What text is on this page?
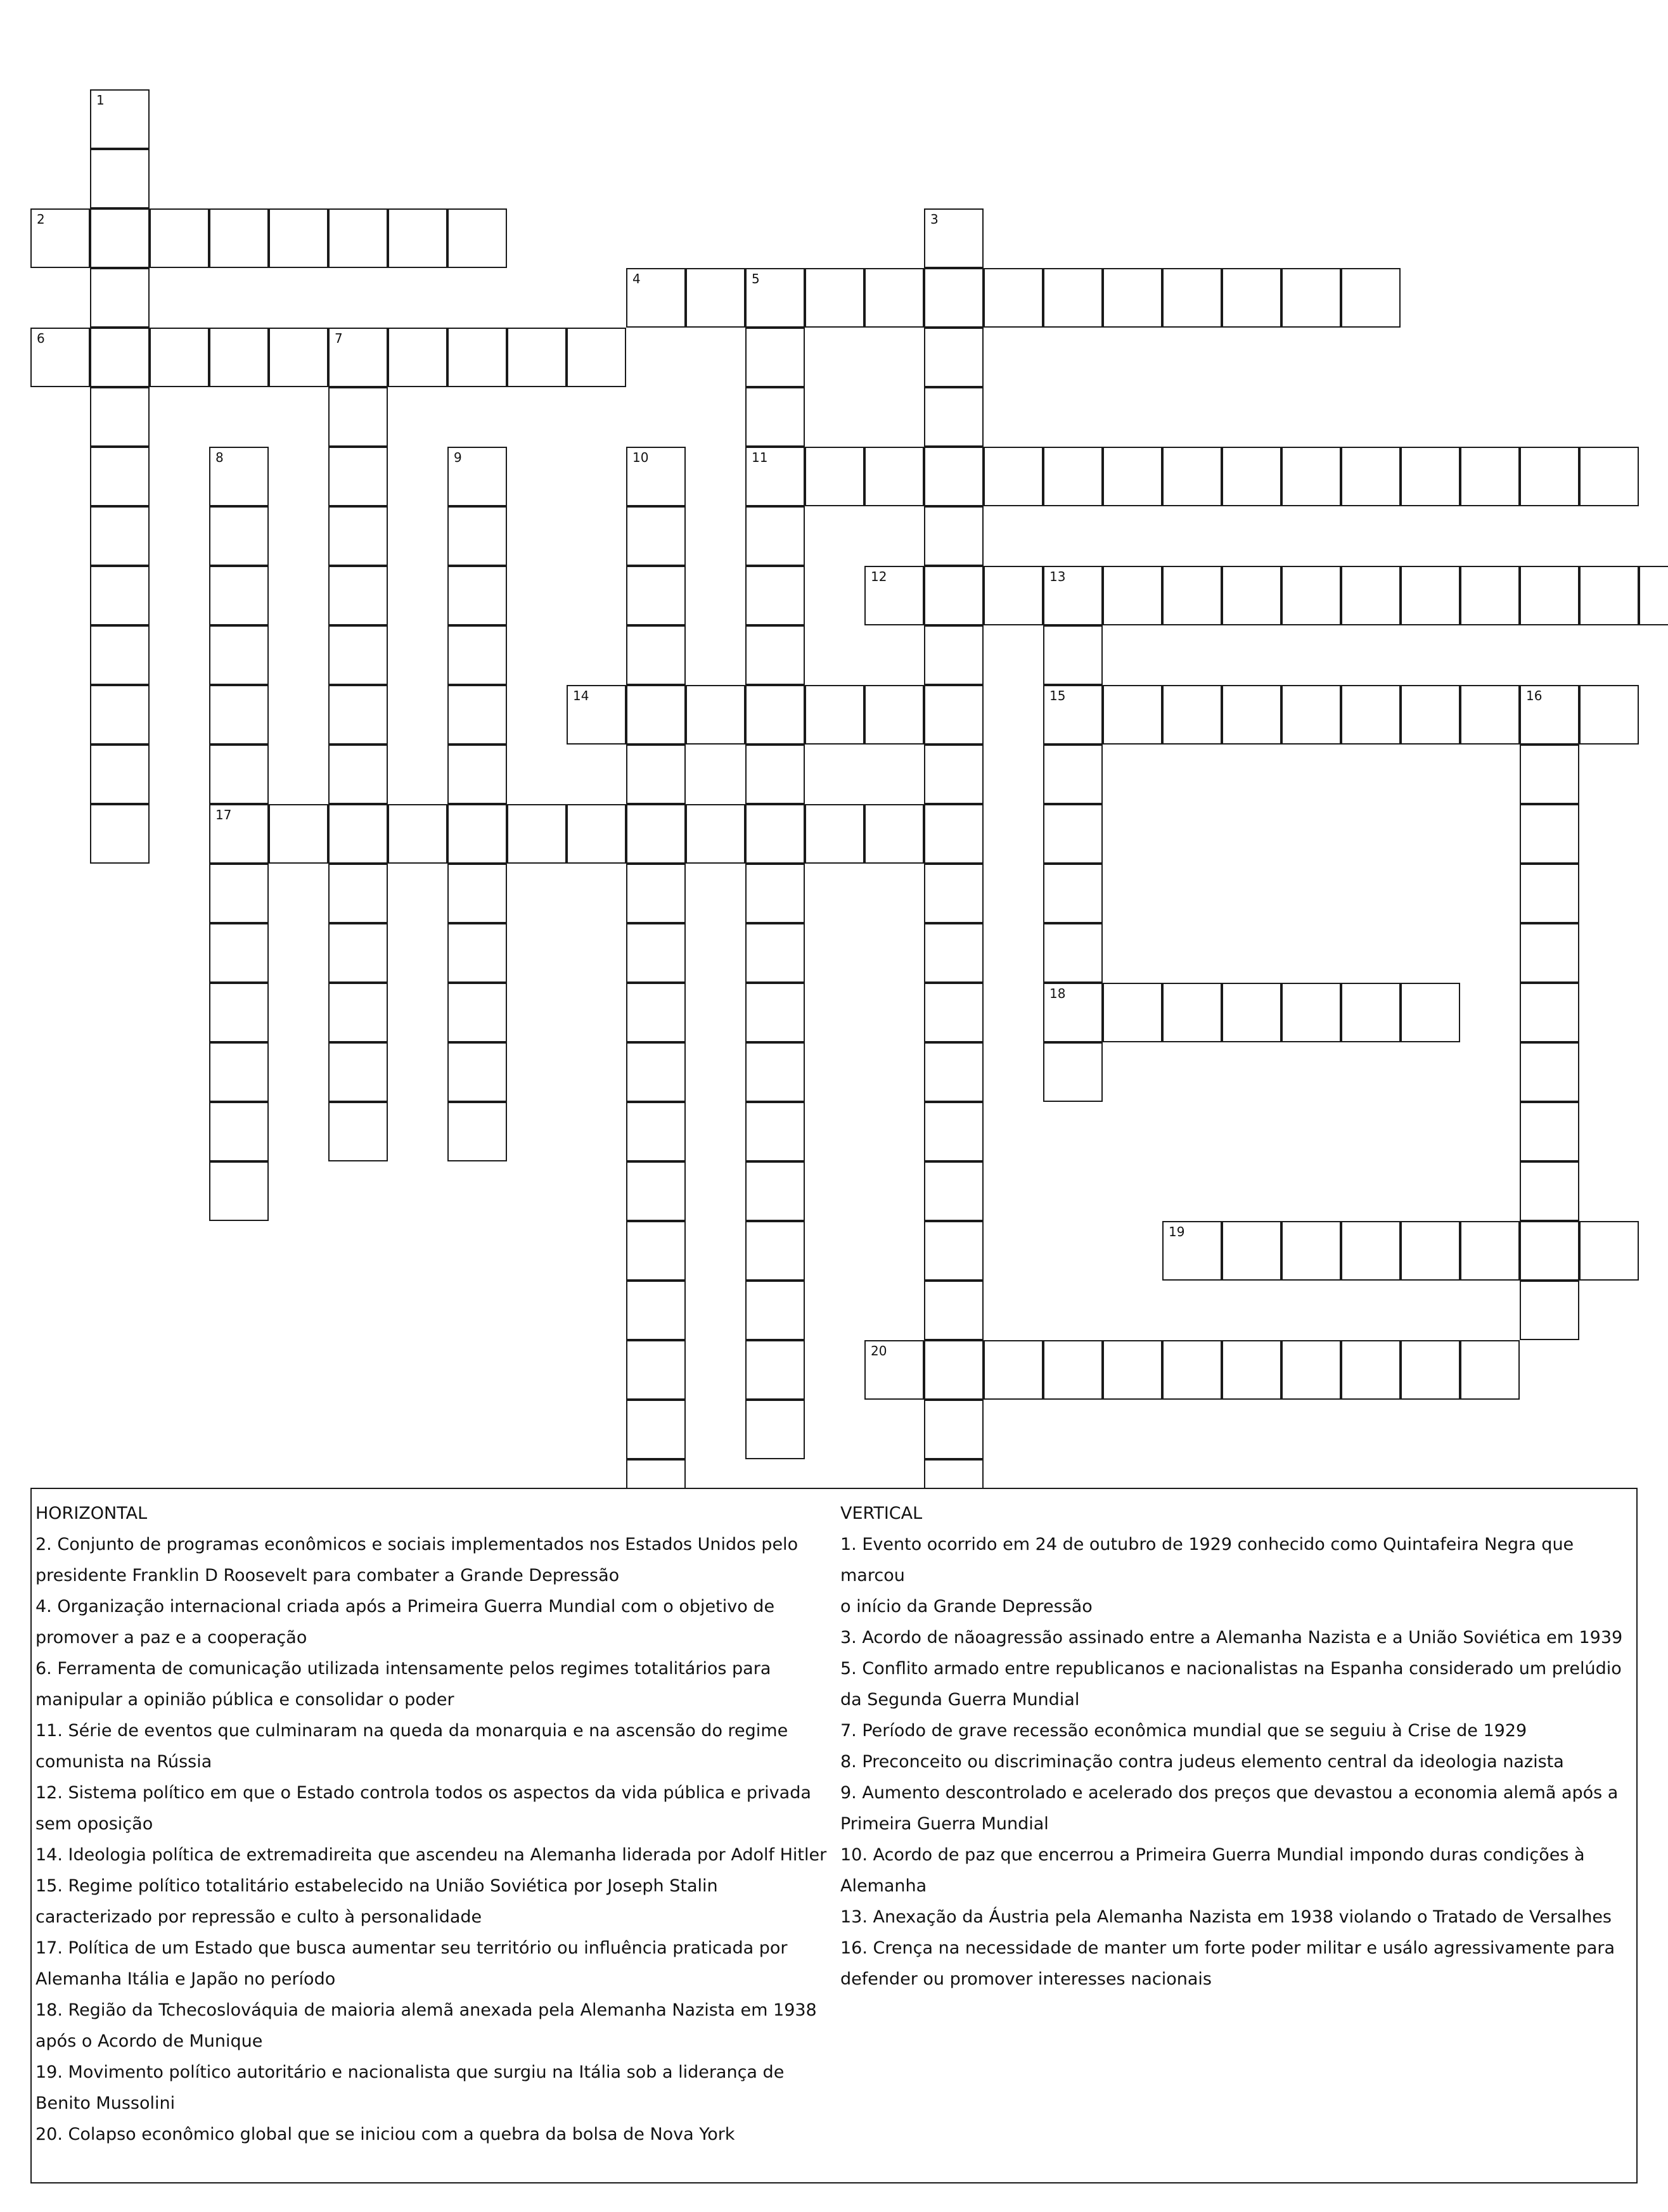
1
2	3
4	5
6	7
8	9	10	11
12	13
15
18
14	16
17
19
20
HORIZONTAL
2. Conjunto de programas econômicos e sociais implementados nos Estados Unidos pelo
presidente Franklin D Roosevelt para combater a Grande Depressão
4. Organização internacional criada após a Primeira Guerra Mundial com o objetivo de
promover a paz e a cooperação
6. Ferramenta de comunicação utilizada intensamente pelos regimes totalitários para
manipular a opinião pública e consolidar o poder
11. Série de eventos que culminaram na queda da monarquia e na ascensão do regime
comunista na Rússia
12. Sistema político em que o Estado controla todos os aspectos da vida pública e privada
sem oposição
14. Ideologia política de extremadireita que ascendeu na Alemanha liderada por Adolf Hitler
15. Regime político totalitário estabelecido na União Soviética por Joseph Stalin
caracterizado por repressão e culto à personalidade
17. Política de um Estado que busca aumentar seu território ou influência praticada por
Alemanha Itália e Japão no período
18. Região da Tchecoslováquia de maioria alemã anexada pela Alemanha Nazista em 1938
após o Acordo de Munique
19. Movimento político autoritário e nacionalista que surgiu na Itália sob a liderança de
Benito Mussolini
20. Colapso econômico global que se iniciou com a quebra da bolsa de Nova York
VERTICAL
1. Evento ocorrido em 24 de outubro de 1929 conhecido como Quintafeira Negra que marcou
o início da Grande Depressão
3. Acordo de nãoagressão assinado entre a Alemanha Nazista e a União Soviética em 1939
5. Conflito armado entre republicanos e nacionalistas na Espanha considerado um prelúdio
da Segunda Guerra Mundial
7. Período de grave recessão econômica mundial que se seguiu à Crise de 1929
8. Preconceito ou discriminação contra judeus elemento central da ideologia nazista
9. Aumento descontrolado e acelerado dos preços que devastou a economia alemã após a
Primeira Guerra Mundial
10. Acordo de paz que encerrou a Primeira Guerra Mundial impondo duras condições à
Alemanha
13. Anexação da Áustria pela Alemanha Nazista em 1938 violando o Tratado de Versalhes
16. Crença na necessidade de manter um forte poder militar e usálo agressivamente para
defender ou promover interesses nacionais
